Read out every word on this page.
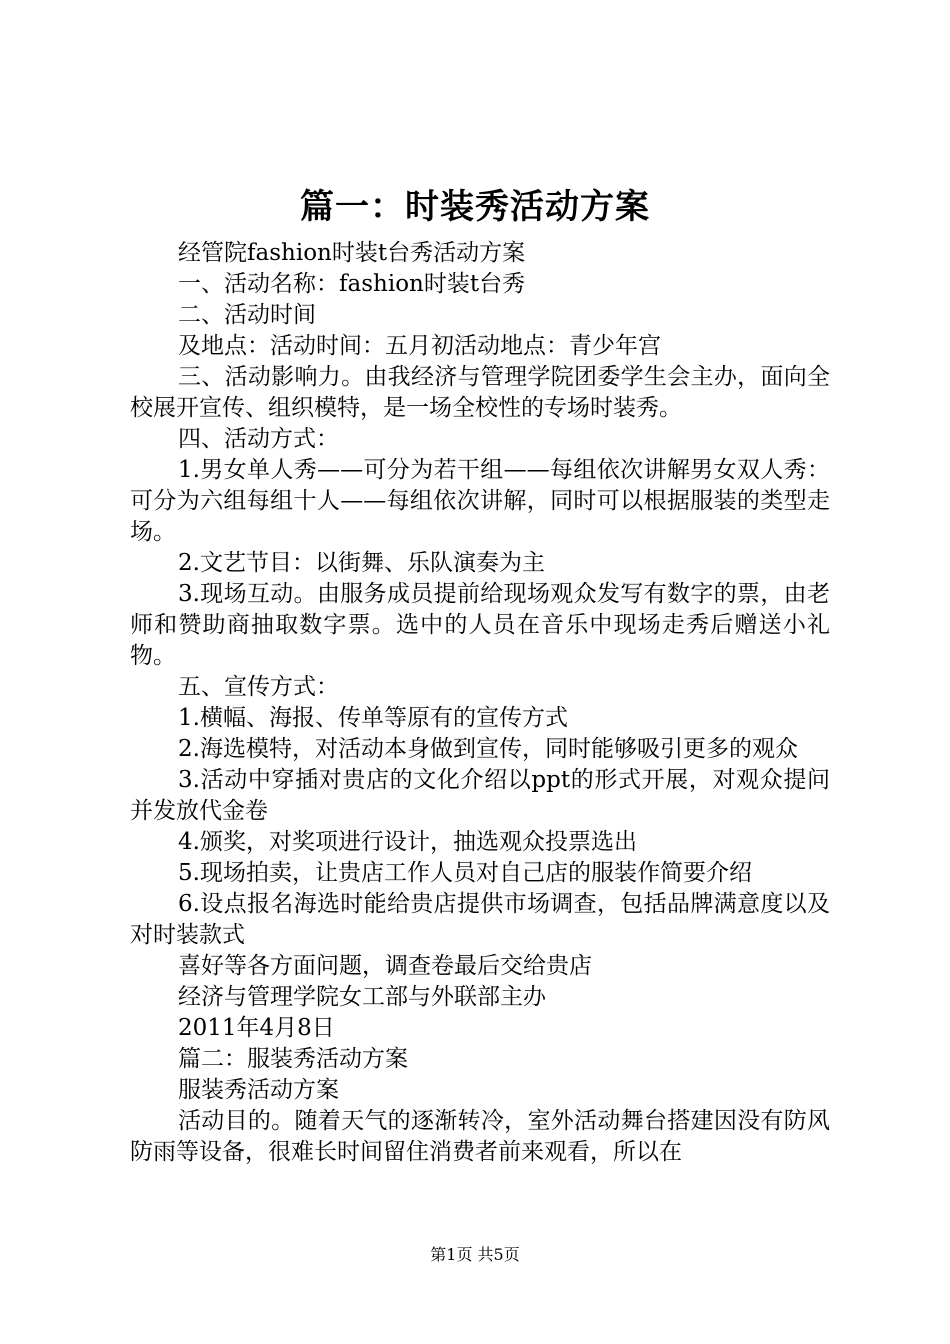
篇一：时装秀活动方案

经管院fashion时装t台秀活动方案

一、活动名称：fashion时装t台秀

二、活动时间

及地点：活动时间：五月初活动地点：青少年宫

三、活动影响力。由我经济与管理学院团委学生会主办，面向全校展开宣传、组织模特，是一场全校性的专场时装秀。

四、活动方式：

1.男女单人秀——可分为若干组——每组依次讲解男女双人秀：可分为六组每组十人——每组依次讲解，同时可以根据服装的类型走场。

2.文艺节目：以街舞、乐队演奏为主

3.现场互动。由服务成员提前给现场观众发写有数字的票，由老师和赞助商抽取数字票。选中的人员在音乐中现场走秀后赠送小礼物。

五、宣传方式：

1.横幅、海报、传单等原有的宣传方式

2.海选模特，对活动本身做到宣传，同时能够吸引更多的观众

3.活动中穿插对贵店的文化介绍以ppt的形式开展，对观众提问并发放代金卷

4.颁奖，对奖项进行设计，抽选观众投票选出

5.现场拍卖，让贵店工作人员对自己店的服装作简要介绍

6.设点报名海选时能给贵店提供市场调查，包括品牌满意度以及对时装款式

喜好等各方面问题，调查卷最后交给贵店

经济与管理学院女工部与外联部主办

2011年4月8日

篇二：服装秀活动方案

服装秀活动方案

活动目的。随着天气的逐渐转冷，室外活动舞台搭建因没有防风防雨等设备，很难长时间留住消费者前来观看，所以在

第1页 共5页
